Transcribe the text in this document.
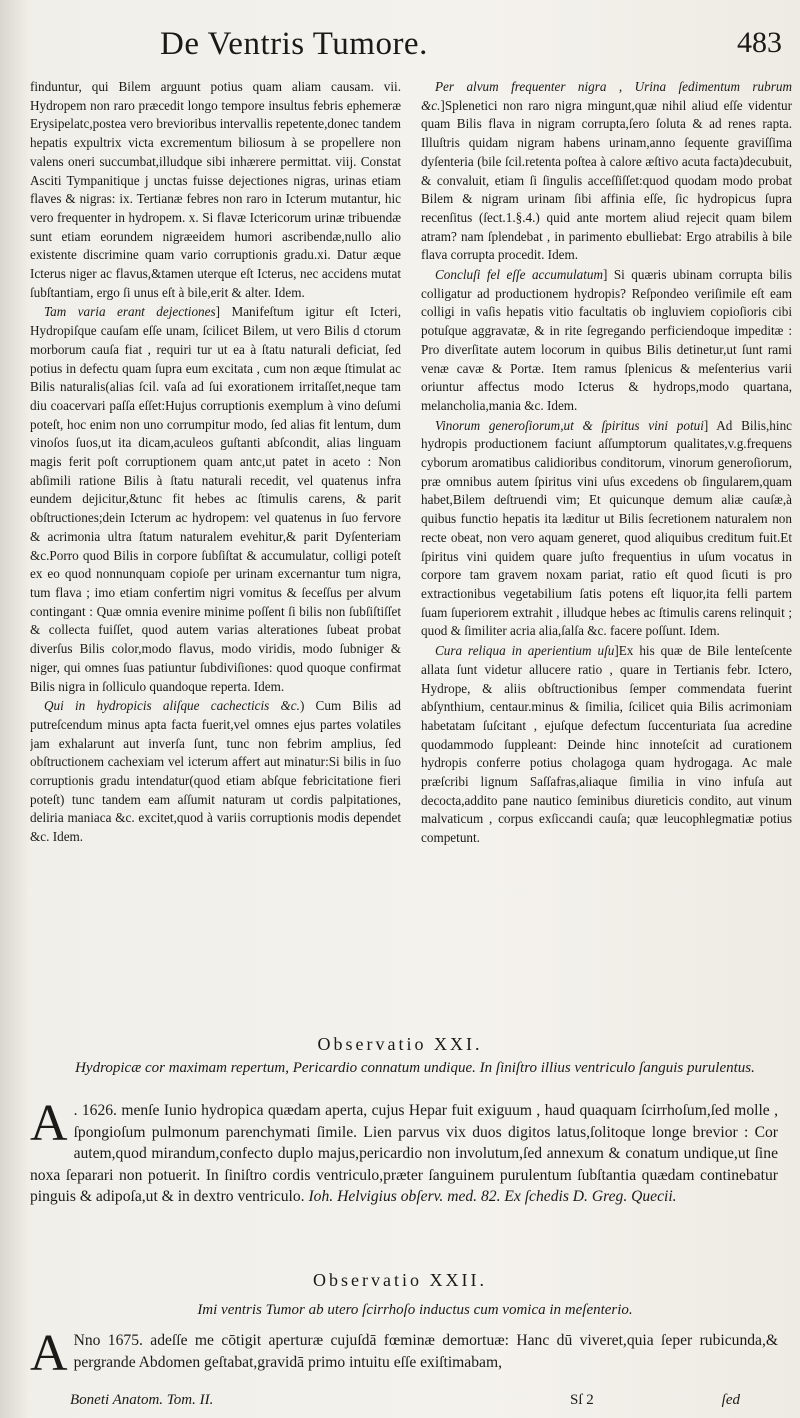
De Ventris Tumore.	483

finduntur, qui Bilem arguunt potius quam aliam causam. vii. Hydropem non raro præcedit longo tempore insultus febris ephemeræ Erysipelatc,postea vero brevioribus intervallis repetente,donec tandem hepatis expultrix victa excrementum biliosum à se propellere non valens oneri succumbat,illudque sibi inhærere permittat. viij. Constat Asciti Tympanitique j unctas fuisse dejectiones nigras, urinas etiam flaves & nigras: ix. Tertianæ febres non raro in Icterum mutantur, hic vero frequenter in hydropem. x. Si flavæ Ictericorum urinæ tribuendæ sunt etiam eorundem nigræeidem humori ascribendæ,nullo alio existente discrimine quam vario corruptionis gradu.xi. Datur æque Icterus niger ac flavus,&tamen uterque eſt Icterus, nec accidens mutat ſubſtantiam, ergo ſi unus eſt à bile,erit & alter. Idem.

Tam varia erant dejectiones] Manifeſtum igitur eſt Icteri, Hydropiſque cauſam eſſe unam, ſcilicet Bilem, ut vero Bilis d ctorum morborum cauſa fiat , requiri tur ut ea à ſtatu naturali deficiat, ſed potius in defectu quam ſupra eum excitata , cum non æque ſtimulat ac Bilis naturalis(alias ſcil. vaſa ad ſui exorationem irritaſſet,neque tam diu coacervari paſſa eſſet:Hujus corruptionis exemplum à vino deſumi poteſt, hoc enim non uno corrumpitur modo, ſed alias fit lentum, dum vinoſos ſuos,ut ita dicam,aculeos guſtanti abſcondit, alias linguam magis ferit poſt corruptionem quam antc,ut patet in aceto : Non abſimili ratione Bilis à ſtatu naturali recedit, vel quatenus infra eundem dejicitur,&tunc fit hebes ac ſtimulis carens, & parit obſtructiones;dein Icterum ac hydropem: vel quatenus in ſuo fervore & acrimonia ultra ſtatum naturalem evehitur,& parit Dyſenteriam &c.Porro quod Bilis in corpore ſubſiſtat & accumulatur, colligi poteſt ex eo quod nonnunquam copioſe per urinam excernantur tum nigra, tum flava ; imo etiam confertim nigri vomitus & ſeceſſus per alvum contingant : Quæ omnia evenire minime poſſent ſi bilis non ſubſiſtiſſet & collecta fuiſſet, quod autem varias alterationes ſubeat probat diverſus Bilis color,modo flavus, modo viridis, modo ſubniger & niger, qui omnes ſuas patiuntur ſubdiviſiones: quod quoque confirmat Bilis nigra in ſolliculo quandoque reperta. Idem.

Qui in hydropicis aliſque cachecticis &c.) Cum Bilis ad putreſcendum minus apta facta fuerit,vel omnes ejus partes volatiles jam exhalarunt aut inverſa ſunt, tunc non febrim amplius, ſed obſtructionem cachexiam vel icterum affert aut minatur:Si bilis in ſuo corruptionis gradu intendatur(quod etiam abſque febricitatione fieri poteſt) tunc tandem eam aſſumit naturam ut cordis palpitationes, deliria maniaca &c. excitet,quod à variis corruptionis modis dependet &c. Idem.

Per alvum frequenter nigra , Urina ſedimentum rubrum &c.]Splenetici non raro nigra mingunt,quæ nihil aliud eſſe videntur quam Bilis flava in nigram corrupta,ſero ſoluta & ad renes rapta. Illuſtris quidam nigram habens urinam,anno ſequente graviſſima dyſenteria (bile ſcil.retenta poſtea à calore æſtivo acuta facta)decubuit, & convaluit, etiam ſi ſingulis acceſſiſſet:quod quodam modo probat Bilem & nigram urinam ſibi affinia eſſe, ſic hydropicus ſupra recenſitus (ſect.1.§.4.) quid ante mortem aliud rejecit quam bilem atram? nam ſplendebat , in parimento ebulliebat: Ergo atrabilis à bile flava corrupta procedit. Idem.

Concluſi fel eſſe accumulatum] Si quæris ubinam corrupta bilis colligatur ad productionem hydropis? Reſpondeo veriſimile eſt eam colligi in vaſis hepatis vitio facultatis ob ingluviem copioſioris cibi potuſque aggravatæ, & in rite ſegregando perficiendoque impeditæ : Pro diverſitate autem locorum in quibus Bilis detinetur,ut ſunt rami venæ cavæ & Portæ. Item ramus ſplenicus & meſenterius varii oriuntur affectus modo Icterus & hydrops,modo quartana, melancholia,mania &c. Idem.

Vinorum generoſiorum,ut & ſpiritus vini potui] Ad Bilis,hinc hydropis productionem faciunt aſſumptorum qualitates,v.g.frequens cyborum aromatibus calidioribus conditorum, vinorum generoſiorum, præ omnibus autem ſpiritus vini uſus excedens ob ſingularem,quam habet,Bilem deſtruendi vim; Et quicunque demum aliæ cauſæ,à quibus functio hepatis ita læditur ut Bilis ſecretionem naturalem non recte obeat, non vero aquam generet, quod aliquibus creditum fuit.Et ſpiritus vini quidem quare juſto frequentius in uſum vocatus in corpore tam gravem noxam pariat, ratio eſt quod ſicuti is pro extractionibus vegetabilium ſatis potens eſt liquor,ita felli partem ſuam ſuperiorem extrahit , illudque hebes ac ſtimulis carens relinquit ; quod & ſimiliter acria alia,ſalſa &c. facere poſſunt. Idem.

Cura reliqua in aperientium uſu]Ex his quæ de Bile lenteſcente allata ſunt videtur allucere ratio , quare in Tertianis febr. Ictero, Hydrope, & aliis obſtructionibus ſemper commendata fuerint abſynthium, centaur.minus & ſimilia, ſcilicet quia Bilis acrimoniam habetatam ſuſcitant , ejuſque defectum ſuccenturiata ſua acredine quodammodo ſuppleant: Deinde hinc innoteſcit ad curationem hydropis conferre potius cholagoga quam hydrogaga. Ac male præſcribi lignum Saſſafras,aliaque ſimilia in vino infuſa aut decocta,addito pane nautico ſeminibus diureticis condito, aut vinum malvaticum , corpus exſiccandi cauſa; quæ leucophlegmatiæ potius competunt.

Observatio XXI.
Hydropicæ cor maximam repertum, Pericardio connatum undique. In ſiniſtro illius ventriculo ſanguis purulentus.
A . 1626. menſe Iunio hydropica quædam aperta, cujus Hepar fuit exiguum , haud quaquam ſcirrhoſum,ſed molle , ſpongioſum pulmonum parenchymati ſimile. Lien parvus vix duos digitos latus,ſolitoque longe brevior : Cor autem,quod mirandum,confecto duplo majus,pericardio non involutum,ſed annexum & conatum undique,ut ſine noxa ſeparari non potuerit. In ſiniſtro cordis ventriculo,præter ſanguinem purulentum ſubſtantia quædam continebatur pinguis & adipoſa,ut & in dextro ventriculo. Ioh. Helvigius obſerv. med. 82. Ex ſchedis D. Greg. Quecii.
Observatio XXII.
Imi ventris Tumor ab utero ſcirrhoſo inductus cum vomica in meſenterio.
A Nno 1675. adeſſe me cōtigit aperturæ cujuſdā fœminæ demortuæ: Hanc dū viveret,quia ſeper rubicunda,& pergrande Abdomen geſtabat,gravidā primo intuitu eſſe exiſtimabam,
Boneti Anatom. Tom. II.	Sſ 2	ſed
